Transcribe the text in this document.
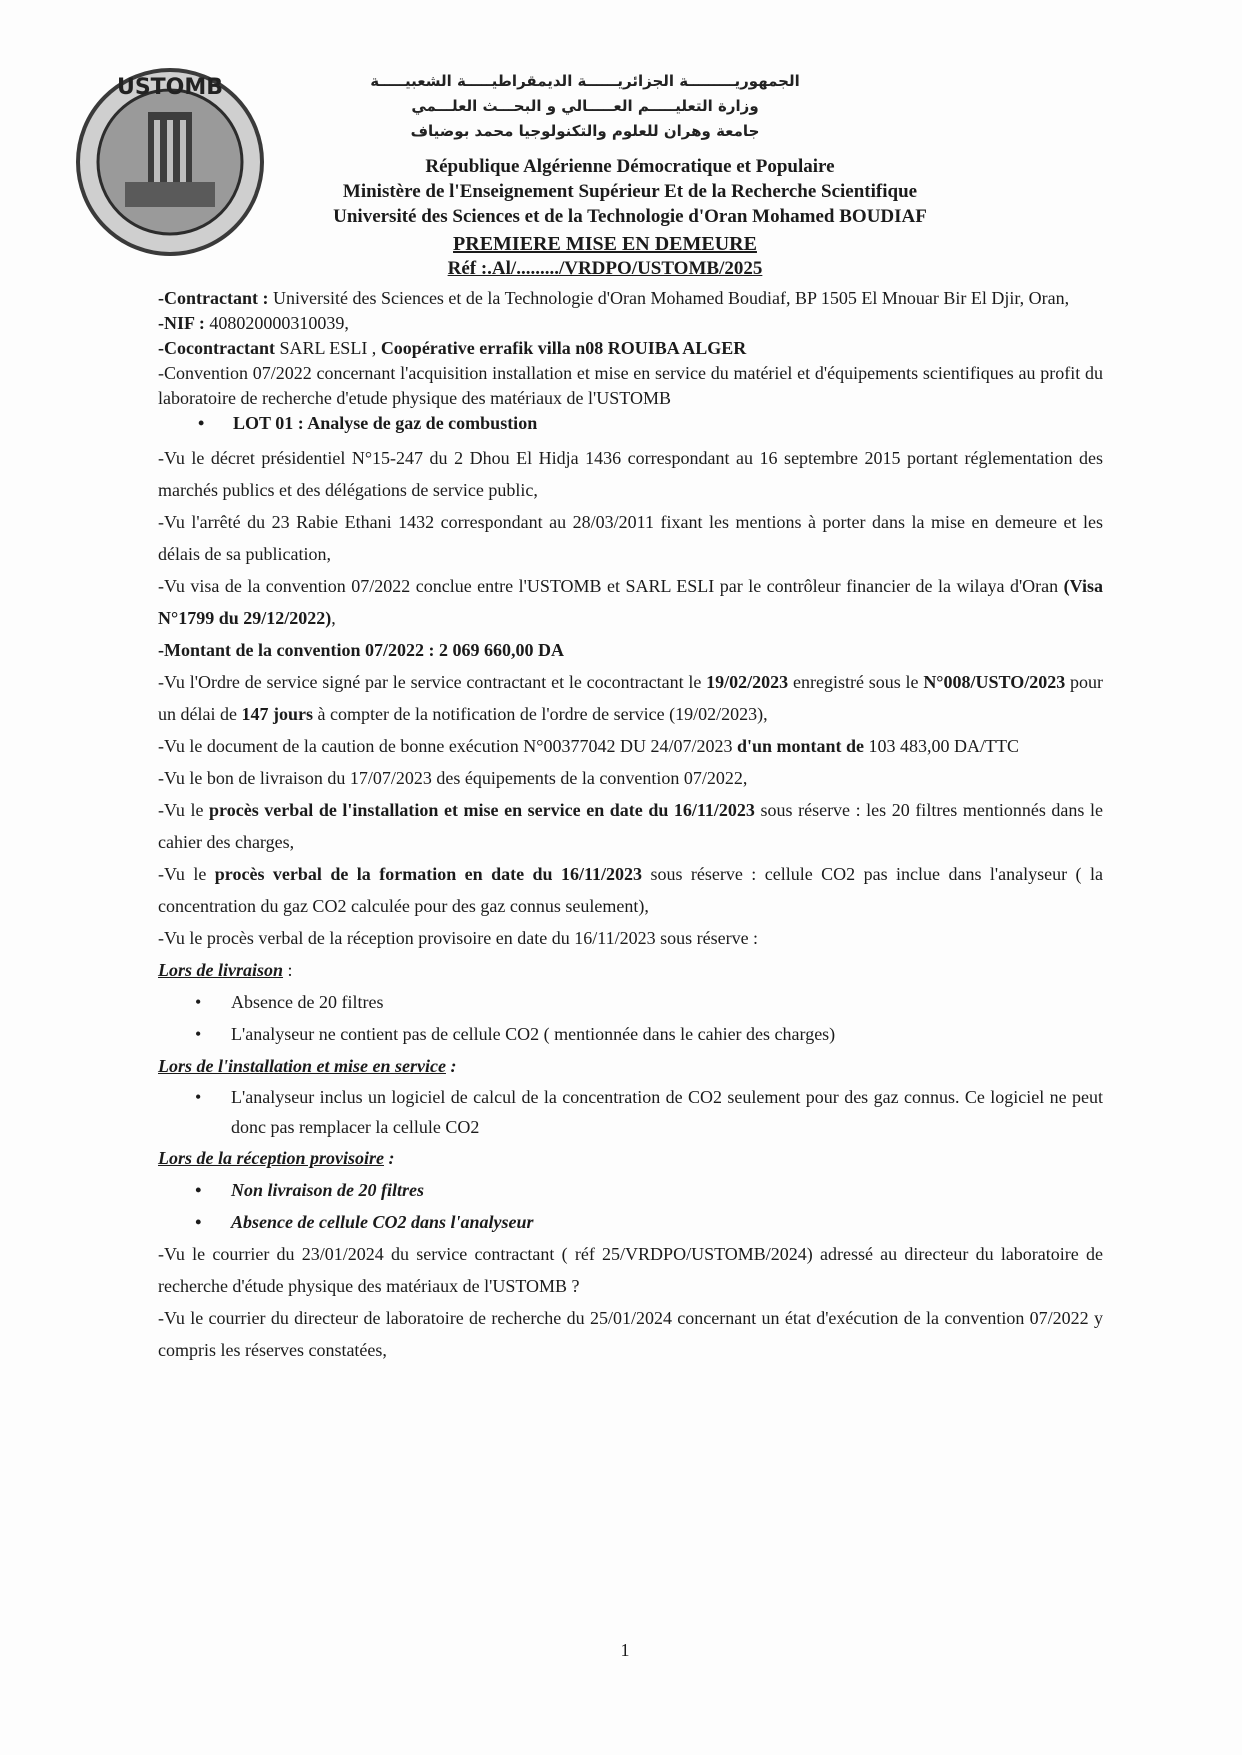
USTOMB	الجمهوريـــــــــة الجزائريــــــة الديمقراطيـــــة الشعبيـــــة
وزارة التعليـــــم العـــــالي و البحـــث العلـــمي
جامعة وهران للعلوم والتكنولوجيا محمد بوضياف
République Algérienne Démocratique et Populaire
Ministère de l'Enseignement Supérieur Et de la Recherche Scientifique
Université des Sciences et de la Technologie d'Oran Mohamed BOUDIAF
PREMIERE MISE EN DEMEURE
Réf :.Al/........./VRDPO/USTOMB/2025

-Contractant : Université des Sciences et de la Technologie d'Oran Mohamed Boudiaf, BP 1505 El Mnouar Bir El Djir, Oran,

-NIF : 408020000310039,

-Cocontractant SARL ESLI , Coopérative errafik villa n08 ROUIBA ALGER

-Convention 07/2022 concernant l'acquisition installation et mise en service du matériel et d'équipements scientifiques au profit du laboratoire de recherche d'etude physique des matériaux de l'USTOMB

• LOT 01 : Analyse de gaz de combustion

-Vu le décret présidentiel N°15-247 du 2 Dhou El Hidja 1436 correspondant au 16 septembre 2015 portant réglementation des marchés publics et des délégations de service public,

-Vu l'arrêté du 23 Rabie Ethani 1432 correspondant au 28/03/2011 fixant les mentions à porter dans la mise en demeure et les délais de sa publication,

-Vu visa de la convention 07/2022 conclue entre l'USTOMB et SARL ESLI par le contrôleur financier de la wilaya d'Oran (Visa N°1799 du 29/12/2022),

-Montant de la convention 07/2022 : 2 069 660,00 DA

-Vu l'Ordre de service signé par le service contractant et le cocontractant le 19/02/2023 enregistré sous le N°008/USTO/2023 pour un délai de 147 jours à compter de la notification de l'ordre de service (19/02/2023),

-Vu le document de la caution de bonne exécution N°00377042 DU 24/07/2023 d'un montant de 103 483,00 DA/TTC

-Vu le bon de livraison du 17/07/2023 des équipements de la convention 07/2022,

-Vu le procès verbal de l'installation et mise en service en date du 16/11/2023 sous réserve : les 20 filtres mentionnés dans le cahier des charges,

-Vu le procès verbal de la formation en date du 16/11/2023 sous réserve : cellule CO2 pas inclue dans l'analyseur ( la concentration du gaz CO2 calculée pour des gaz connus seulement),

-Vu le procès verbal de la réception provisoire en date du 16/11/2023 sous réserve :

Lors de livraison :

• Absence de 20 filtres
• L'analyseur ne contient pas de cellule CO2 ( mentionnée dans le cahier des charges)

Lors de l'installation et mise en service :

• L'analyseur inclus un logiciel de calcul de la concentration de CO2 seulement pour des gaz connus. Ce logiciel ne peut donc pas remplacer la cellule CO2

Lors de la réception provisoire :

• Non livraison de 20 filtres
• Absence de cellule CO2 dans l'analyseur

-Vu le courrier du 23/01/2024 du service contractant ( réf 25/VRDPO/USTOMB/2024) adressé au directeur du laboratoire de recherche d'étude physique des matériaux de l'USTOMB ?

-Vu le courrier du directeur de laboratoire de recherche du 25/01/2024 concernant un état d'exécution de la convention 07/2022 y compris les réserves constatées,

1
